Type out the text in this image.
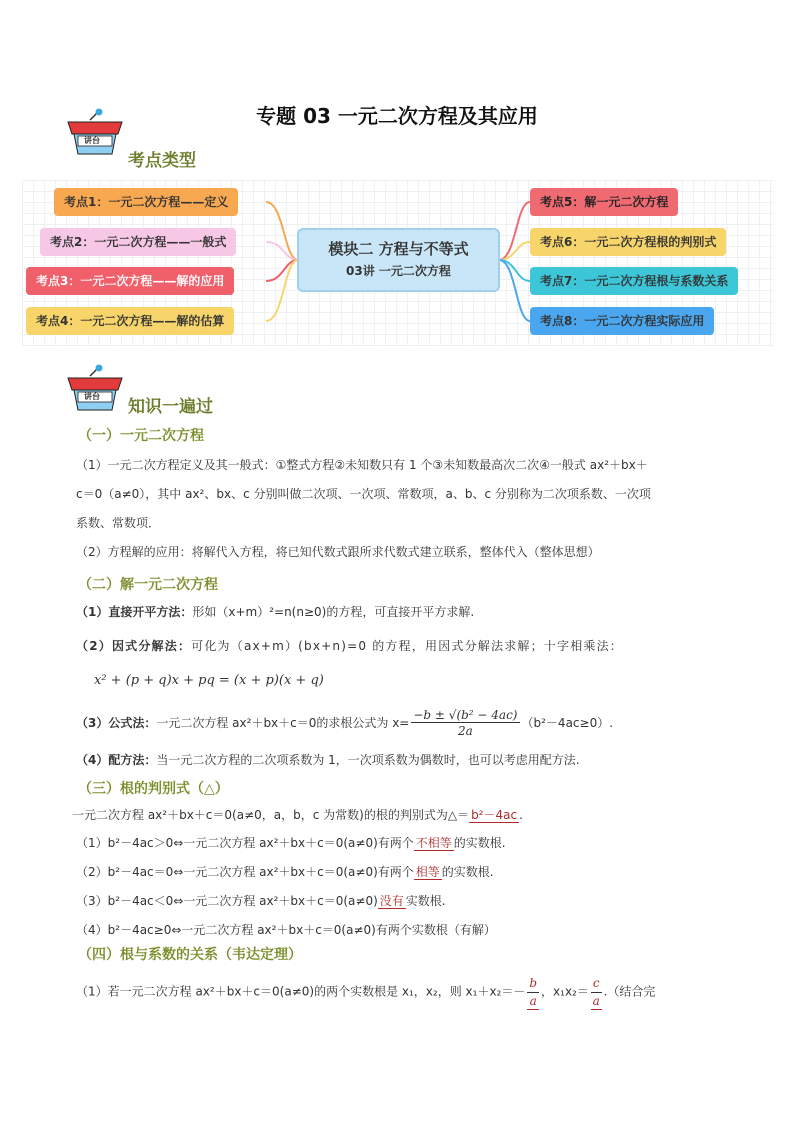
专题 03 一元二次方程及其应用
讲台
考点类型
考点1：一元二次方程——定义
考点2：一元二次方程——一般式
考点3：一元二次方程——解的应用
考点4：一元二次方程——解的估算
模块二 方程与不等式
03讲 一元二次方程
考点5：解一元二次方程
考点6：一元二次方程根的判别式
考点7：一元二次方程根与系数关系
考点8：一元二次方程实际应用
讲台
知识一遍过
（一）一元二次方程
（1）一元二次方程定义及其一般式：①整式方程②未知数只有 1 个③未知数最高次二次④一般式 ax²＋bx＋
c＝0（a≠0），其中 ax²、bx、c 分别叫做二次项、一次项、常数项，a、b、c 分别称为二次项系数、一次项
系数、常数项．
（2）方程解的应用：将解代入方程，将已知代数式跟所求代数式建立联系，整体代入（整体思想）
（二）解一元二次方程
（1）直接开平方法：形如（x+m）²=n(n≥0)的方程，可直接开平方求解.
（2）因式分解法：可化为（ax+m）(bx+n)=0 的方程，用因式分解法求解；十字相乘法：
x² + (p + q)x + pq = (x + p)(x + q)
（3）公式法：一元二次方程 ax²＋bx＋c＝0的求根公式为 $x= \frac{\text{−b ± √(b² − 4ac)}}{2a} (b^2-4ac\ge 0)$.
（4）配方法：当一元二次方程的二次项系数为 1，一次项系数为偶数时，也可以考虑用配方法.
（三）根的判别式（△）
一元二次方程 ax²＋bx＋c＝0(a≠0，a，b，c 为常数)的根的判别式为△＝ b²－4ac .
（1）b²－4ac＞0⇔一元二次方程 ax²＋bx＋c＝0(a≠0)有两个 不相等 的实数根.
（2）b²－4ac＝0⇔一元二次方程 ax²＋bx＋c＝0(a≠0)有两个 相等 的实数根.
（3）b²－4ac＜0⇔一元二次方程 ax²＋bx＋c＝0(a≠0) 没有 实数根.
（4）b²－4ac≥0⇔一元二次方程 ax²＋bx＋c＝0(a≠0)有两个实数根（有解）
（四）根与系数的关系（韦达定理）
（1）若一元二次方程 ax²＋bx＋c＝0(a≠0)的两个实数根是 x₁，x₂，则 $x_1+x_2=- \frac{b}{a}$ ，$x_1x_2= \frac{c}{a}$ .（结合完
